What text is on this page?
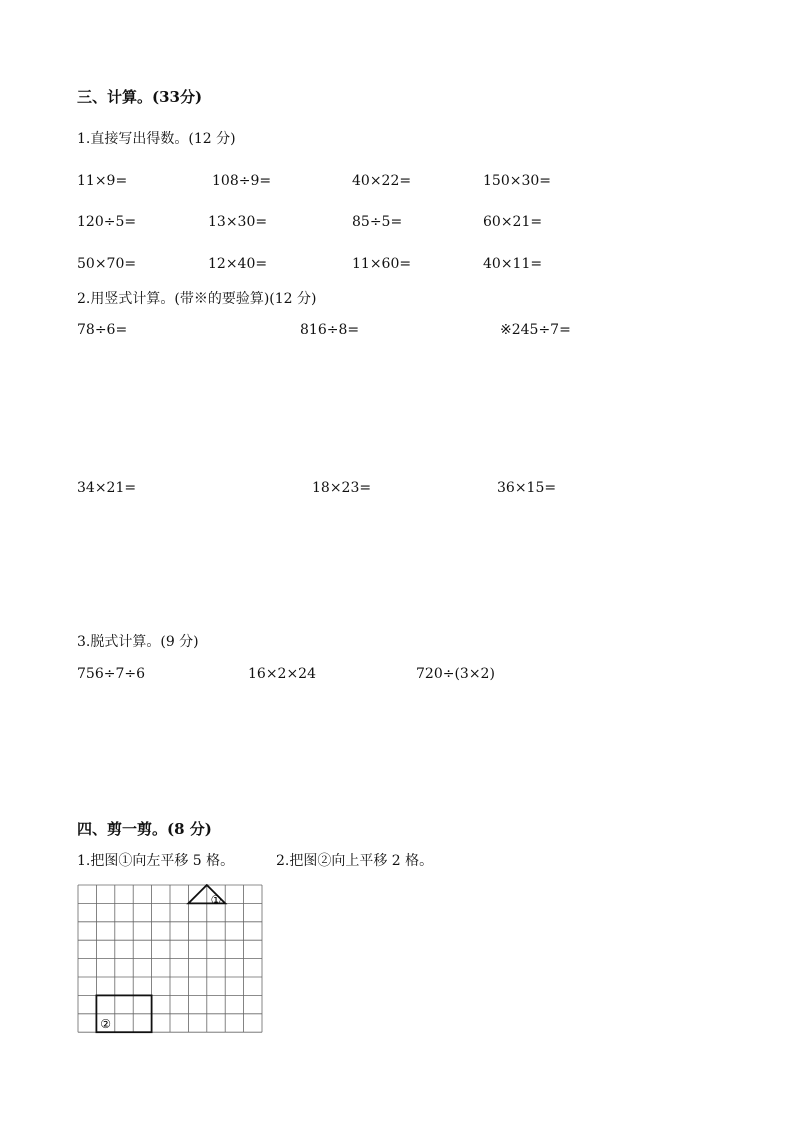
三、计算。(33分)
1.直接写出得数。(12 分)
11×9=	108÷9=	40×22=	150×30=
120÷5=	13×30=	85÷5=	60×21=
50×70=	12×40=	11×60=	40×11=
2.用竖式计算。(带※的要验算)(12 分)
78÷6=	816÷8=	※245÷7=
34×21=	18×23=	36×15=
3.脱式计算。(9 分)
756÷7÷6	16×2×24	720÷(3×2)
四、剪一剪。(8 分)
1.把图①向左平移 5 格。	2.把图②向上平移 2 格。
①
②
